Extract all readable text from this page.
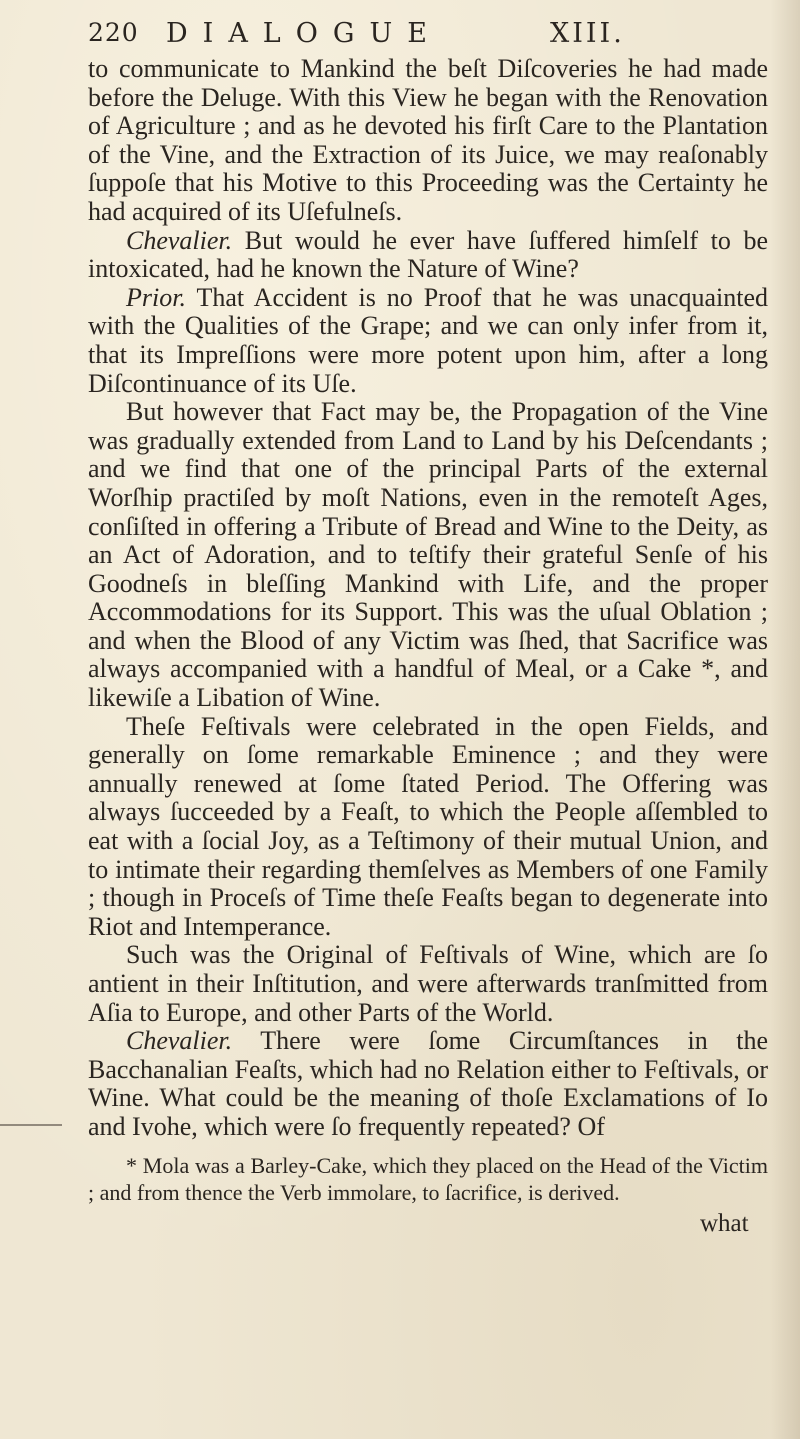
220 DIALOGUE	XIII.

to communicate to Mankind the beſt Diſcoveries he had made before the Deluge. With this View he began with the Renovation of Agriculture ; and as he devoted his firſt Care to the Plantation of the Vine, and the Extraction of its Juice, we may reaſonably ſuppoſe that his Motive to this Proceeding was the Certainty he had acquired of its Uſefulneſs.

Chevalier. But would he ever have ſuffered himſelf to be intoxicated, had he known the Nature of Wine?

Prior. That Accident is no Proof that he was unacquainted with the Qualities of the Grape; and we can only infer from it, that its Impreſſions were more potent upon him, after a long Diſcontinuance of its Uſe.

But however that Fact may be, the Propagation of the Vine was gradually extended from Land to Land by his Deſcendants ; and we find that one of the principal Parts of the external Worſhip practiſed by moſt Nations, even in the remoteſt Ages, conſiſted in offering a Tribute of Bread and Wine to the Deity, as an Act of Adoration, and to teſtify their grateful Senſe of his Goodneſs in bleſſing Mankind with Life, and the proper Accommodations for its Support. This was the uſual Oblation ; and when the Blood of any Victim was ſhed, that Sacrifice was always accompanied with a handful of Meal, or a Cake *, and likewiſe a Libation of Wine.

Theſe Feſtivals were celebrated in the open Fields, and generally on ſome remarkable Eminence ; and they were annually renewed at ſome ſtated Period. The Offering was always ſucceeded by a Feaſt, to which the People aſſembled to eat with a ſocial Joy, as a Teſtimony of their mutual Union, and to intimate their regarding themſelves as Members of one Family ; though in Proceſs of Time theſe Feaſts began to degenerate into Riot and Intemperance.

Such was the Original of Feſtivals of Wine, which are ſo antient in their Inſtitution, and were afterwards tranſmitted from Aſia to Europe, and other Parts of the World.

Chevalier. There were ſome Circumſtances in the Bacchanalian Feaſts, which had no Relation either to Feſtivals, or Wine. What could be the meaning of thoſe Exclamations of Io and Ivohe, which were ſo frequently repeated? Of

* Mola was a Barley-Cake, which they placed on the Head of the Victim ; and from thence the Verb immolare, to ſacrifice, is derived.

what
